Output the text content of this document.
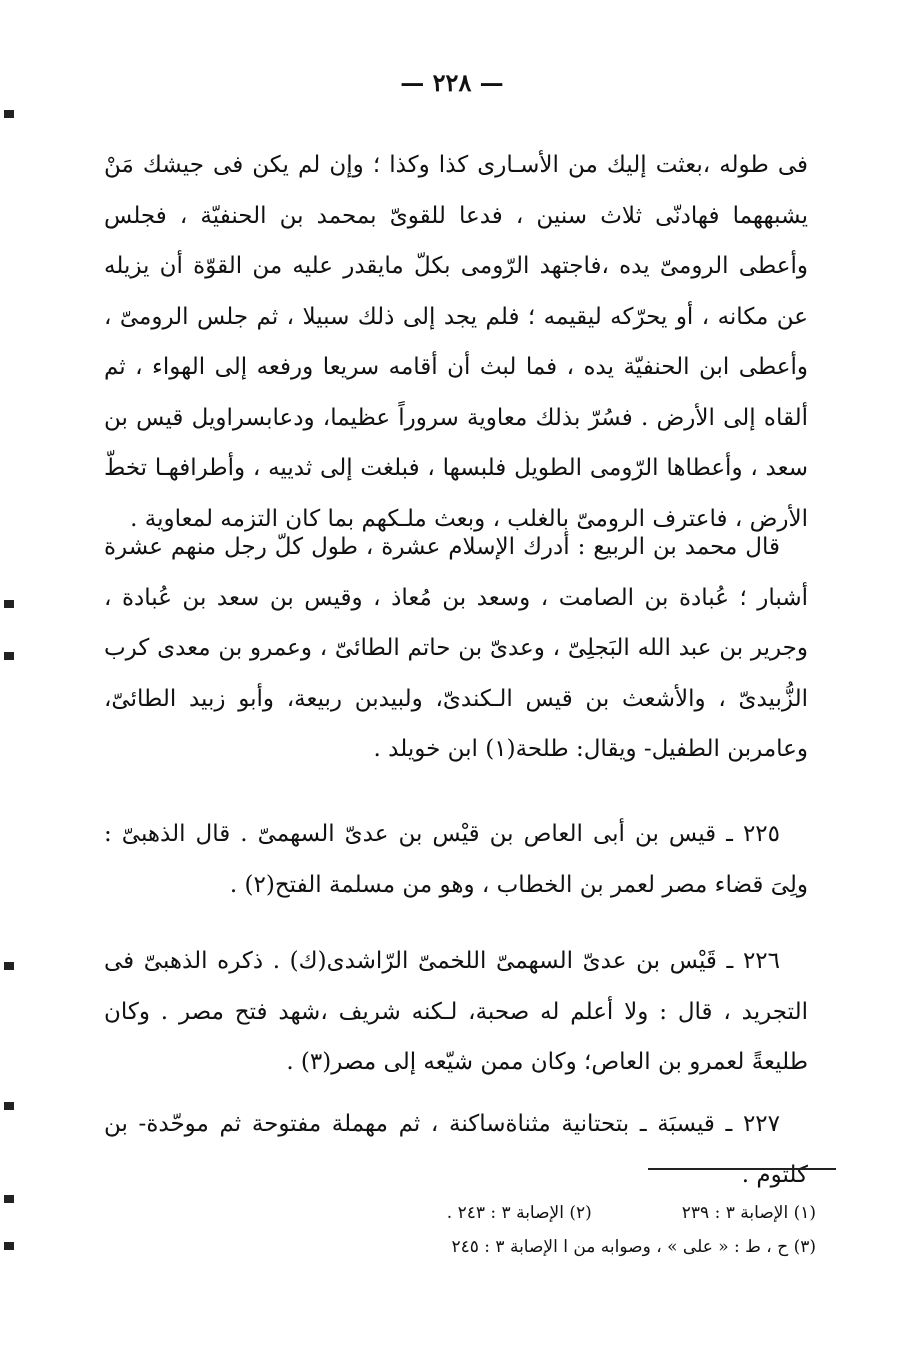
— ٢٢٨ —

فى طوله ،بعثت إليك من الأسـارى كذا وكذا ؛ وإن لم يكن فى جيشك مَنْ يشبههما فهادنّى ثلاث سنين ، فدعا للقوىّ بمحمد بن الحنفيّة ، فجلس وأعطى الرومىّ يده ،فاجتهد الرّومى بكلّ مايقدر عليه من القوّة أن يزيله عن مكانه ، أو يحرّكه ليقيمه ؛ فلم يجد إلى ذلك سبيلا ، ثم جلس الرومىّ ، وأعطى ابن الحنفيّة يده ، فما لبث أن أقامه سريعا ورفعه إلى الهواء ، ثم ألقاه إلى الأرض . فسُرّ بذلك معاوية سروراً عظيما، ودعابسراويل قيس بن سعد ، وأعطاها الرّومى الطويل فلبسها ، فبلغت إلى ثدييه ، وأطرافهـا تخطّ الأرض ، فاعترف الرومىّ بالغلب ، وبعث ملـكهم بما كان التزمه لمعاوية .

قال محمد بن الربيع : أدرك الإسلام عشرة ، طول كلّ رجل منهم عشرة أشبار ؛ عُبادة بن الصامت ، وسعد بن مُعاذ ، وقيس بن سعد بن عُبادة ، وجرير بن عبد الله البَجلِىّ ، وعدىّ بن حاتم الطائىّ ، وعمرو بن معدى كرب الزُّبيدىّ ، والأشعث بن قيس الـكندىّ، ولبيدبن ربيعة، وأبو زبيد الطائىّ، وعامربن الطفيل- ويقال: طلحة(١) ابن خويلد .

٢٢٥ ـ قيس بن أبى العاص بن قيْس بن عدىّ السهمىّ . قال الذهبىّ : ولِىَ قضاء مصر لعمر بن الخطاب ، وهو من مسلمة الفتح(٢) .

٢٢٦ ـ قَيْس بن عدىّ السهمىّ اللخمىّ الرّاشدى(ك) . ذكره الذهبىّ فى التجريد ، قال : ولا أعلم له صحبة، لـكنه شريف ،شهد فتح مصر . وكان طليعةً لعمرو بن العاص؛ وكان ممن شيّعه إلى مصر(٣) .

٢٢٧ ـ قيسبَة ـ بتحتانية مثناةساكنة ، ثم مهملة مفتوحة ثم موحّدة- بن كلثوم .

(١) الإصابة ٣ : ٢٣٩
(٢) الإصابة ٣ : ٢٤٣ .
(٣) ح ، ط : « على » ، وصوابه من ا الإصابة ٣ : ٢٤٥
